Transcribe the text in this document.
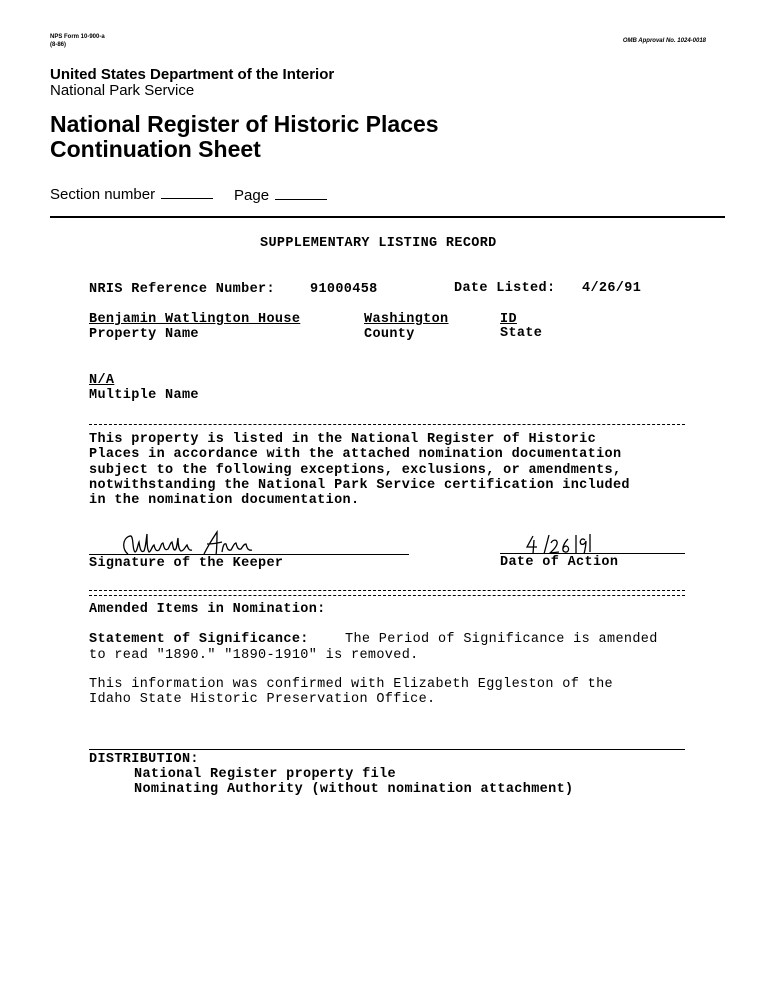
NPS Form 10-900-a
(8-86)
OMB Approval No. 1024-0018
United States Department of the Interior
National Park Service
National Register of Historic Places
Continuation Sheet
Section number	Page
SUPPLEMENTARY LISTING RECORD
NRIS Reference Number:	91000458	Date Listed: 4/26/91
Benjamin Watlington House	Washington	ID
Property Name	County	State
N/A
Multiple Name
This property is listed in the National Register of Historic
Places in accordance with the attached nomination documentation
subject to the following exceptions, exclusions, or amendments,
notwithstanding the National Park Service certification included
in the nomination documentation.
Signature of the Keeper	Date of Action
Amended Items in Nomination:
Statement of Significance:	The Period of Significance is amended
to read "1890." "1890-1910" is removed.
This information was confirmed with Elizabeth Eggleston of the
Idaho State Historic Preservation Office.
DISTRIBUTION:
National Register property file
Nominating Authority (without nomination attachment)
